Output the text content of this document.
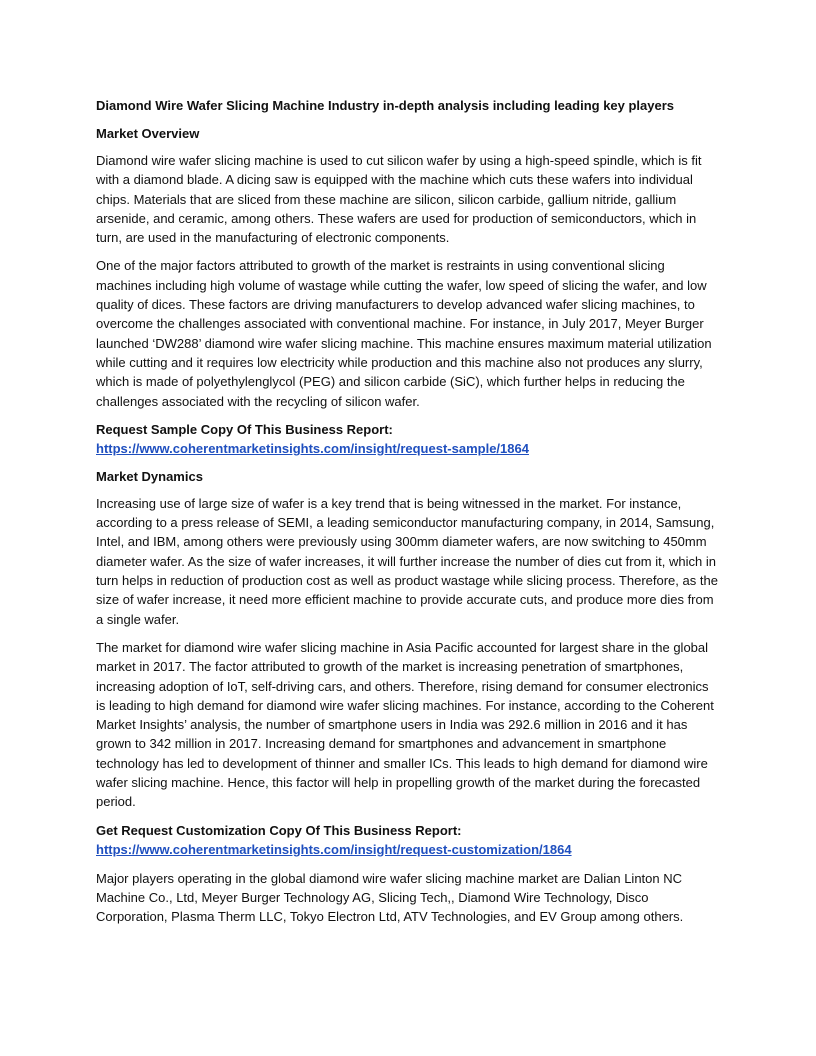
Diamond Wire Wafer Slicing Machine Industry in-depth analysis including leading key players

Market Overview

Diamond wire wafer slicing machine is used to cut silicon wafer by using a high-speed spindle, which is fit with a diamond blade. A dicing saw is equipped with the machine which cuts these wafers into individual chips. Materials that are sliced from these machine are silicon, silicon carbide, gallium nitride, gallium arsenide, and ceramic, among others. These wafers are used for production of semiconductors, which in turn, are used in the manufacturing of electronic components.

One of the major factors attributed to growth of the market is restraints in using conventional slicing machines including high volume of wastage while cutting the wafer, low speed of slicing the wafer, and low quality of dices. These factors are driving manufacturers to develop advanced wafer slicing machines, to overcome the challenges associated with conventional machine. For instance, in July 2017, Meyer Burger launched ‘DW288’ diamond wire wafer slicing machine. This machine ensures maximum material utilization while cutting and it requires low electricity while production and this machine also not produces any slurry, which is made of polyethylenglycol (PEG) and silicon carbide (SiC), which further helps in reducing the challenges associated with the recycling of silicon wafer.

Request Sample Copy Of This Business Report:
https://www.coherentmarketinsights.com/insight/request-sample/1864

Market Dynamics

Increasing use of large size of wafer is a key trend that is being witnessed in the market. For instance, according to a press release of SEMI, a leading semiconductor manufacturing company, in 2014, Samsung, Intel, and IBM, among others were previously using 300mm diameter wafers, are now switching to 450mm diameter wafer. As the size of wafer increases, it will further increase the number of dies cut from it, which in turn helps in reduction of production cost as well as product wastage while slicing process. Therefore, as the size of wafer increase, it need more efficient machine to provide accurate cuts, and produce more dies from a single wafer.

The market for diamond wire wafer slicing machine in Asia Pacific accounted for largest share in the global market in 2017. The factor attributed to growth of the market is increasing penetration of smartphones, increasing adoption of IoT, self-driving cars, and others. Therefore, rising demand for consumer electronics is leading to high demand for diamond wire wafer slicing machines. For instance, according to the Coherent Market Insights’ analysis, the number of smartphone users in India was 292.6 million in 2016 and it has grown to 342 million in 2017. Increasing demand for smartphones and advancement in smartphone technology has led to development of thinner and smaller ICs. This leads to high demand for diamond wire wafer slicing machine. Hence, this factor will help in propelling growth of the market during the forecasted period.

Get Request Customization Copy Of This Business Report:
https://www.coherentmarketinsights.com/insight/request-customization/1864

Major players operating in the global diamond wire wafer slicing machine market are Dalian Linton NC Machine Co., Ltd, Meyer Burger Technology AG, Slicing Tech,, Diamond Wire Technology, Disco Corporation, Plasma Therm LLC, Tokyo Electron Ltd, ATV Technologies, and EV Group among others.
